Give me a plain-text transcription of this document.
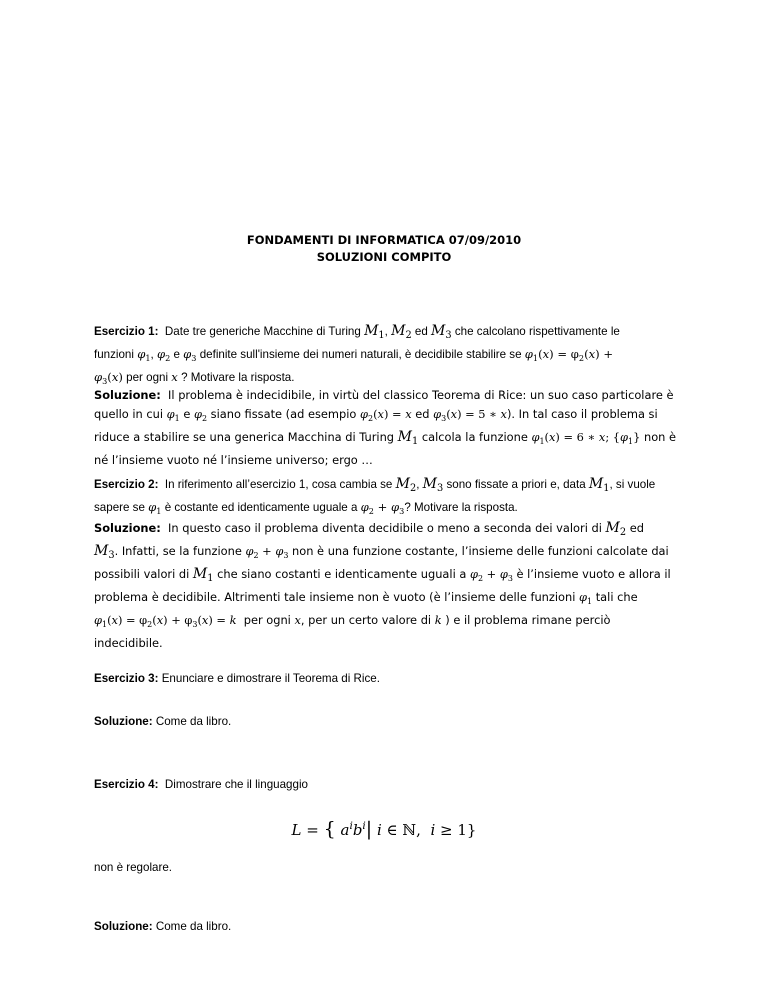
FONDAMENTI DI INFORMATICA 07/09/2010
SOLUZIONI COMPITO
Esercizio 1: Date tre generiche Macchine di Turing $M_1$, $M_2$ ed $M_3$ che calcolano rispettivamente le
funzioni $\varphi_1$, $\varphi_2$ e $\varphi_3$ definite sull'insieme dei numeri naturali, è decidibile stabilire se $\varphi_1(x) = \varphi_2(x)$ +
$\varphi_3(x)$ per ogni x ? Motivare la risposta.
Soluzione: Il problema è indecidibile, in virtù del classico Teorema di Rice: un suo caso particolare è
quello in cui $\varphi_1$ e $\varphi_2$ siano fissate (ad esempio $\varphi_2(x) = x$ ed $\varphi_3(x) = 5$ ∗ x). In tal caso il problema si
riduce a stabilire se una generica Macchina di Turing $M_1$ calcola la funzione $\varphi_1(x) = 6$ ∗ x; $\{\varphi_1\}$ non è
né l’insieme vuoto né l’insieme universo; ergo …
Esercizio 2: In riferimento all’esercizio 1, cosa cambia se $M_2$, $M_3$ sono fissate a priori e, data $M_1$, si vuole
sapere se $\varphi_1$ è costante ed identicamente uguale a $\varphi_2 + \varphi_3$? Motivare la risposta.
Soluzione: In questo caso il problema diventa decidibile o meno a seconda dei valori di $M_2$ ed
$M_3$. Infatti, se la funzione $\varphi_2 + \varphi_3$ non è una funzione costante, l’insieme delle funzioni calcolate dai
possibili valori di $M_1$ che siano costanti e identicamente uguali a $\varphi_2 + \varphi_3$ è l’insieme vuoto e allora il
problema è decidibile. Altrimenti tale insieme non è vuoto (è l’insieme delle funzioni $\varphi_1$ tali che
$\varphi_1(x) = \varphi_2(x) + \varphi_3(x) = k$ per ogni x, per un certo valore di k ) e il problema rimane perciò
indecidibile.
Esercizio 3: Enunciare e dimostrare il Teorema di Rice.
Soluzione: Come da libro.
Esercizio 4: Dimostrare che il linguaggio
L = { $a^ib^i|$ i ∈ ℕ,  i ≥ 1}
non è regolare.
Soluzione: Come da libro.
